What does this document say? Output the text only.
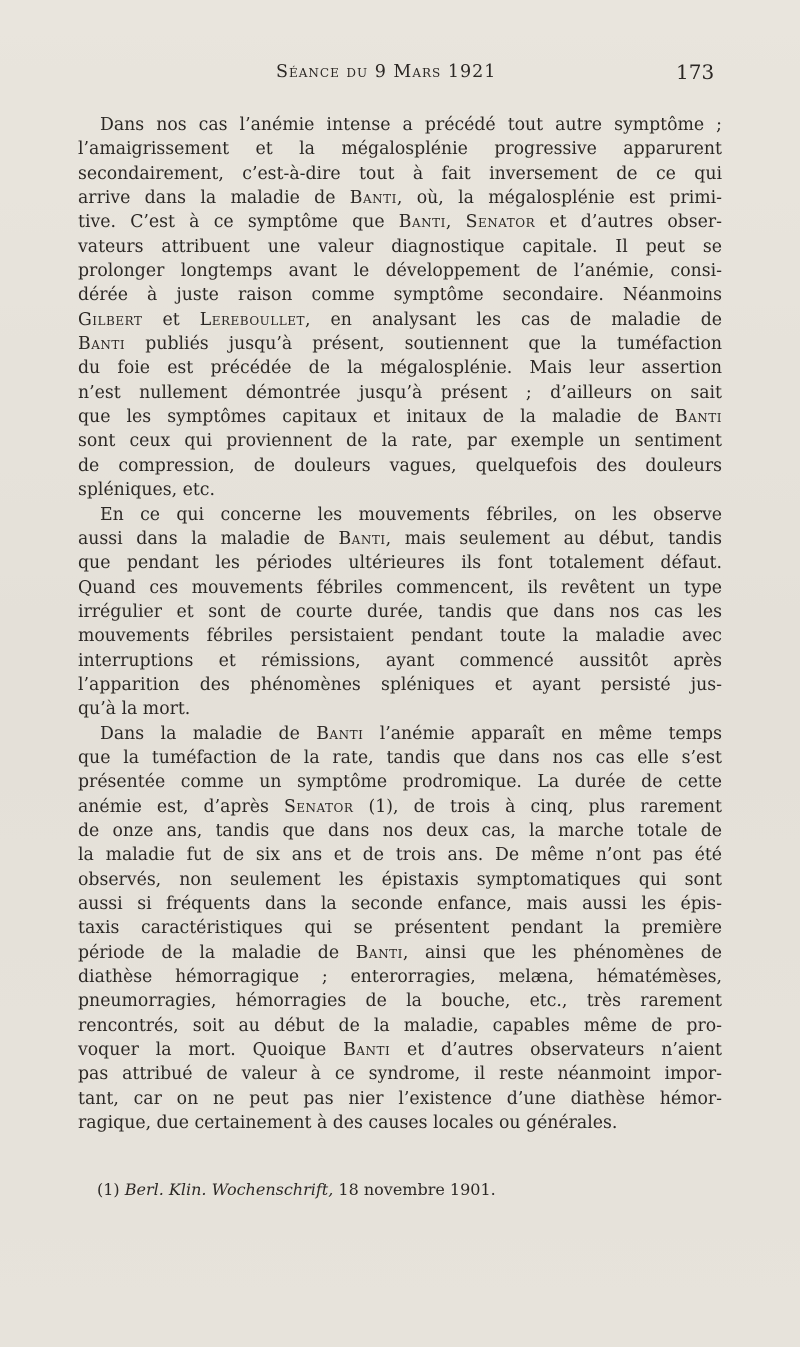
Séance du 9 Mars 1921	173
Dans nos cas l’anémie intense a précédé tout autre symptôme ;
l’amaigrissement et la mégalosplénie progressive apparurent
secondairement, c’est-à-dire tout à fait inversement de ce qui
arrive dans la maladie de Banti, où, la mégalosplénie est primi-
tive. C’est à ce symptôme que Banti, Senator et d’autres obser-
vateurs attribuent une valeur diagnostique capitale. Il peut se
prolonger longtemps avant le développement de l’anémie, consi-
dérée à juste raison comme symptôme secondaire. Néanmoins
Gilbert et Lereboullet, en analysant les cas de maladie de
Banti publiés jusqu’à présent, soutiennent que la tuméfaction
du foie est précédée de la mégalosplénie. Mais leur assertion
n’est nullement démontrée jusqu’à présent ; d’ailleurs on sait
que les symptômes capitaux et initaux de la maladie de Banti
sont ceux qui proviennent de la rate, par exemple un sentiment
de compression, de douleurs vagues, quelquefois des douleurs
spléniques, etc.
En ce qui concerne les mouvements fébriles, on les observe
aussi dans la maladie de Banti, mais seulement au début, tandis
que pendant les périodes ultérieures ils font totalement défaut.
Quand ces mouvements fébriles commencent, ils revêtent un type
irrégulier et sont de courte durée, tandis que dans nos cas les
mouvements fébriles persistaient pendant toute la maladie avec
interruptions et rémissions, ayant commencé aussitôt après
l’apparition des phénomènes spléniques et ayant persisté jus-
qu’à la mort.
Dans la maladie de Banti l’anémie apparaît en même temps
que la tuméfaction de la rate, tandis que dans nos cas elle s’est
présentée comme un symptôme prodromique. La durée de cette
anémie est, d’après Senator (1), de trois à cinq, plus rarement
de onze ans, tandis que dans nos deux cas, la marche totale de
la maladie fut de six ans et de trois ans. De même n’ont pas été
observés, non seulement les épistaxis symptomatiques qui sont
aussi si fréquents dans la seconde enfance, mais aussi les épis-
taxis caractéristiques qui se présentent pendant la première
période de la maladie de Banti, ainsi que les phénomènes de
diathèse hémorragique ; enterorragies, melæna, hématémèses,
pneumorragies, hémorragies de la bouche, etc., très rarement
rencontrés, soit au début de la maladie, capables même de pro-
voquer la mort. Quoique Banti et d’autres observateurs n’aient
pas attribué de valeur à ce syndrome, il reste néanmoint impor-
tant, car on ne peut pas nier l’existence d’une diathèse hémor-
ragique, due certainement à des causes locales ou générales.
(1) Berl. Klin. Wochenschrift, 18 novembre 1901.
